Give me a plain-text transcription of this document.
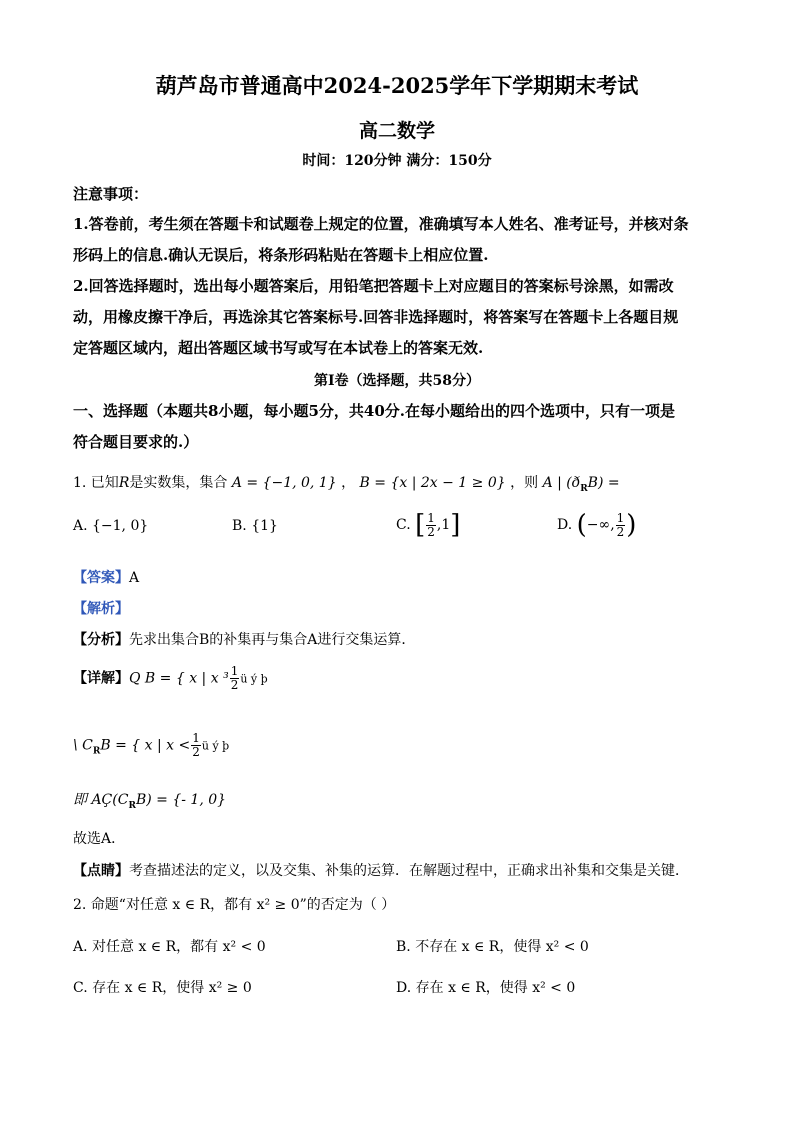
葫芦岛市普通高中2024-2025学年下学期期末考试
高二数学
时间：120分钟 满分：150分
注意事项：
1.答卷前，考生须在答题卡和试题卷上规定的位置，准确填写本人姓名、准考证号，并核对条
形码上的信息.确认无误后，将条形码粘贴在答题卡上相应位置.
2.回答选择题时，选出每小题答案后，用铅笔把答题卡上对应题目的答案标号涂黑，如需改
动，用橡皮擦干净后，再选涂其它答案标号.回答非选择题时，将答案写在答题卡上各题目规
定答题区域内，超出答题区域书写或写在本试卷上的答案无效.
第Ⅰ卷（选择题，共58分）
一、选择题（本题共8小题，每小题5分，共40分.在每小题给出的四个选项中，只有一项是
符合题目要求的.）
1. 已知R是实数集，集合 A = {−1, 0, 1} ， B = {x | 2x − 1 ≥ 0} ，则 A | $(ð_RB)$ =
A. {−1, 0}	B. {1}	C. [ $\frac{1}{2} ,1$]	D. (−∞, $\frac{1}{2}$ )
【答案】A
【解析】
【分析】先求出集合B的补集再与集合A进行交集运算．
【详解】Q B = { x | x $^3 \frac{1}{2}$ ü ý þ
\ $C_RB$ = { x | $x < \frac{1}{2}$ ü ý þ
即 $AÇ(C_RB)$ = {- 1, 0}
故选A．
【点睛】考查描述法的定义，以及交集、补集的运算．在解题过程中，正确求出补集和交集是关键．
2. 命题“对任意 x ∈ R，都有 x² ≥ 0”的否定为（ ）
A. 对任意 x ∈ R，都有 x² < 0	B. 不存在 x ∈ R，使得 x² < 0
C. 存在 x ∈ R，使得 x² ≥ 0	D. 存在 x ∈ R，使得 x² < 0
